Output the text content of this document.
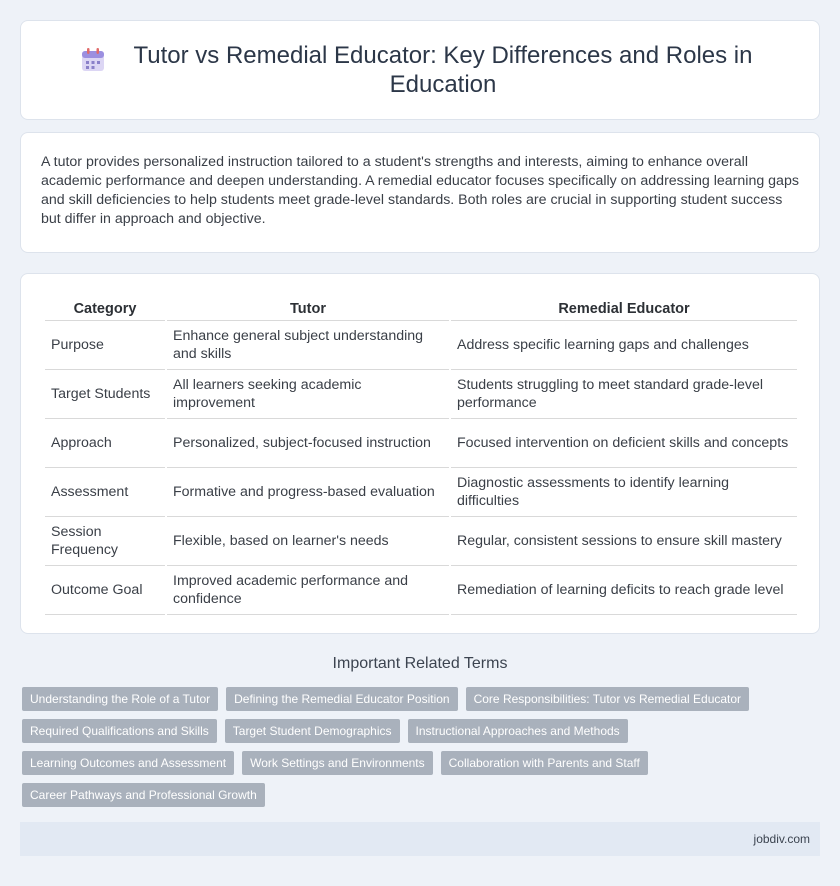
Tutor vs Remedial Educator: Key Differences and Roles in Education

A tutor provides personalized instruction tailored to a student's strengths and interests, aiming to enhance overall academic performance and deepen understanding. A remedial educator focuses specifically on addressing learning gaps and skill deficiencies to help students meet grade-level standards. Both roles are crucial in supporting student success but differ in approach and objective.

Category	Tutor	Remedial Educator
Purpose	Enhance general subject understanding and skills	Address specific learning gaps and challenges
Target Students	All learners seeking academic improvement	Students struggling to meet standard grade-level performance
Approach	Personalized, subject-focused instruction	Focused intervention on deficient skills and concepts
Assessment	Formative and progress-based evaluation	Diagnostic assessments to identify learning difficulties
Session Frequency	Flexible, based on learner's needs	Regular, consistent sessions to ensure skill mastery
Outcome Goal	Improved academic performance and confidence	Remediation of learning deficits to reach grade level
Important Related Terms
Understanding the Role of a Tutor	Defining the Remedial Educator Position	Core Responsibilities: Tutor vs Remedial Educator
Required Qualifications and Skills	Target Student Demographics	Instructional Approaches and Methods
Learning Outcomes and Assessment	Work Settings and Environments	Collaboration with Parents and Staff
Career Pathways and Professional Growth
jobdiv.com
